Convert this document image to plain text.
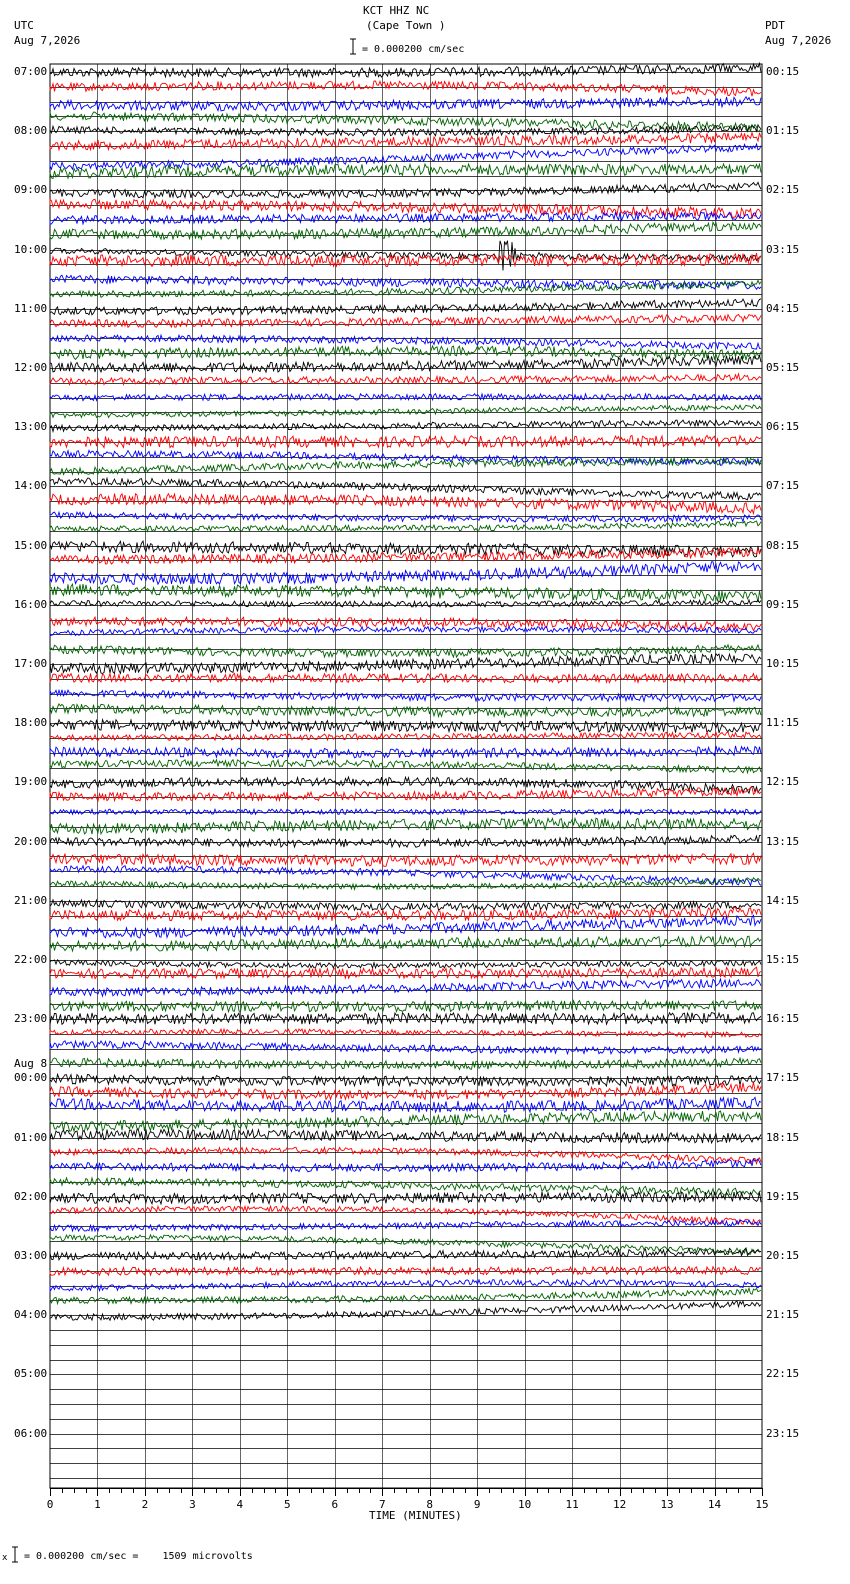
0	1	2	3	4	5	6	7	8	9	10	11	12	13	14	15
KCT HHZ NC
(Cape Town )
UTC
Aug 7,2026
PDT
Aug 7,2026
= 0.000200 cm/sec
07:00
08:00
09:00
10:00
11:00
12:00
13:00
14:00
15:00
16:00
17:00
18:00
19:00
20:00
21:00
22:00
23:00
00:00
Aug 8
01:00
02:00
03:00
04:00
05:00
06:00
00:15
01:15
02:15
03:15
04:15
05:15
06:15
07:15
08:15
09:15
10:15
11:15
12:15
13:15
14:15
15:15
16:15
17:15
18:15
19:15
20:15
21:15
22:15
23:15
TIME (MINUTES)
x = 0.000200 cm/sec =    1509 microvolts
